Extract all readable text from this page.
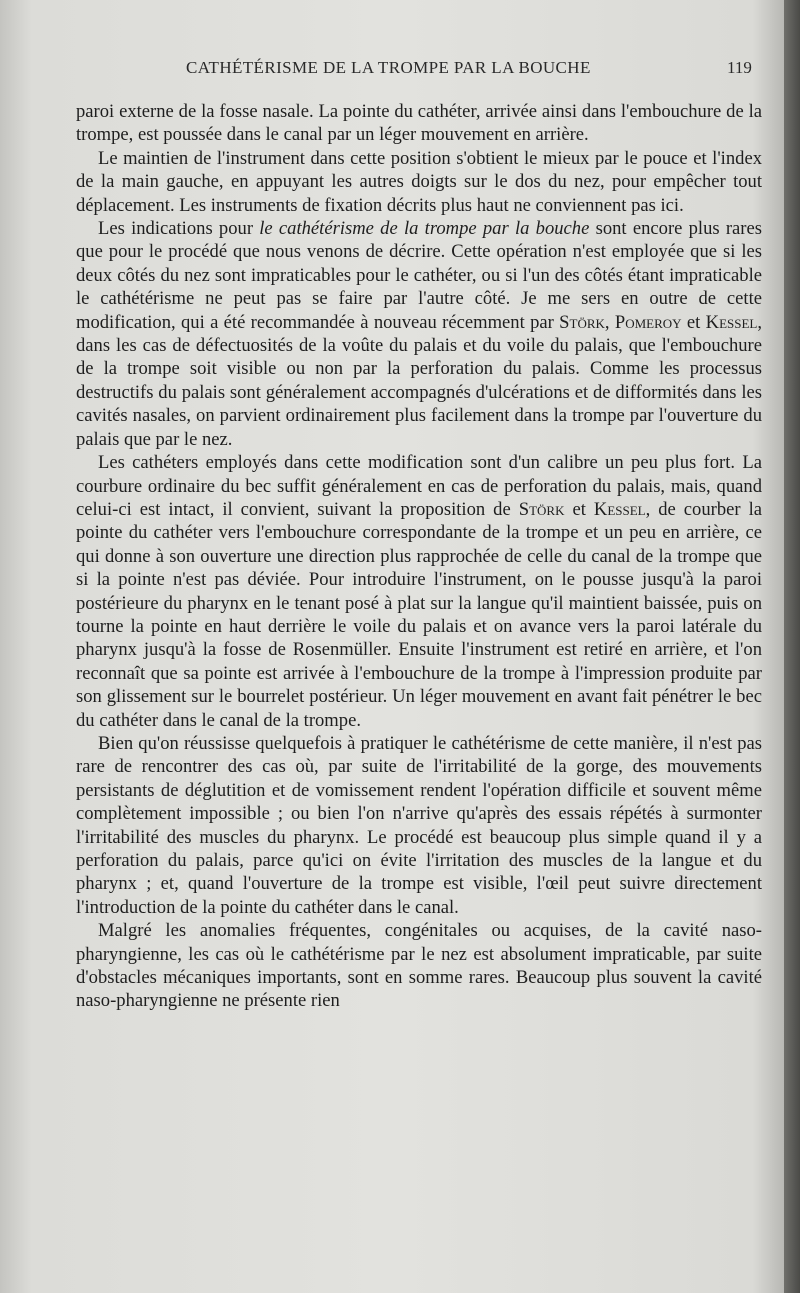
CATHÉTÉRISME DE LA TROMPE PAR LA BOUCHE	119

paroi externe de la fosse nasale. La pointe du cathéter, arrivée ainsi dans l'embouchure de la trompe, est poussée dans le canal par un léger mouvement en arrière.

Le maintien de l'instrument dans cette position s'obtient le mieux par le pouce et l'index de la main gauche, en appuyant les autres doigts sur le dos du nez, pour empêcher tout déplacement. Les instruments de fixation décrits plus haut ne conviennent pas ici.

Les indications pour le cathétérisme de la trompe par la bouche sont encore plus rares que pour le procédé que nous venons de décrire. Cette opération n'est employée que si les deux côtés du nez sont impraticables pour le cathéter, ou si l'un des côtés étant impraticable le cathétérisme ne peut pas se faire par l'autre côté. Je me sers en outre de cette modification, qui a été recommandée à nouveau récemment par Störk, Pomeroy et Kessel, dans les cas de défectuosités de la voûte du palais et du voile du palais, que l'embouchure de la trompe soit visible ou non par la perforation du palais. Comme les processus destructifs du palais sont généralement accompagnés d'ulcérations et de difformités dans les cavités nasales, on parvient ordinairement plus facilement dans la trompe par l'ouverture du palais que par le nez.

Les cathéters employés dans cette modification sont d'un calibre un peu plus fort. La courbure ordinaire du bec suffit généralement en cas de perforation du palais, mais, quand celui-ci est intact, il convient, suivant la proposition de Störk et Kessel, de courber la pointe du cathéter vers l'embouchure correspondante de la trompe et un peu en arrière, ce qui donne à son ouverture une direction plus rapprochée de celle du canal de la trompe que si la pointe n'est pas déviée. Pour introduire l'instrument, on le pousse jusqu'à la paroi postérieure du pharynx en le tenant posé à plat sur la langue qu'il maintient baissée, puis on tourne la pointe en haut derrière le voile du palais et on avance vers la paroi latérale du pharynx jusqu'à la fosse de Rosenmüller. Ensuite l'instrument est retiré en arrière, et l'on reconnaît que sa pointe est arrivée à l'embouchure de la trompe à l'impression produite par son glissement sur le bourrelet postérieur. Un léger mouvement en avant fait pénétrer le bec du cathéter dans le canal de la trompe.

Bien qu'on réussisse quelquefois à pratiquer le cathétérisme de cette manière, il n'est pas rare de rencontrer des cas où, par suite de l'irritabilité de la gorge, des mouvements persistants de déglutition et de vomissement rendent l'opération difficile et souvent même complètement impossible ; ou bien l'on n'arrive qu'après des essais répétés à surmonter l'irritabilité des muscles du pharynx. Le procédé est beaucoup plus simple quand il y a perforation du palais, parce qu'ici on évite l'irritation des muscles de la langue et du pharynx ; et, quand l'ouverture de la trompe est visible, l'œil peut suivre directement l'introduction de la pointe du cathéter dans le canal.

Malgré les anomalies fréquentes, congénitales ou acquises, de la cavité naso-pharyngienne, les cas où le cathétérisme par le nez est absolument impraticable, par suite d'obstacles mécaniques importants, sont en somme rares. Beaucoup plus souvent la cavité naso-pharyngienne ne présente rien
